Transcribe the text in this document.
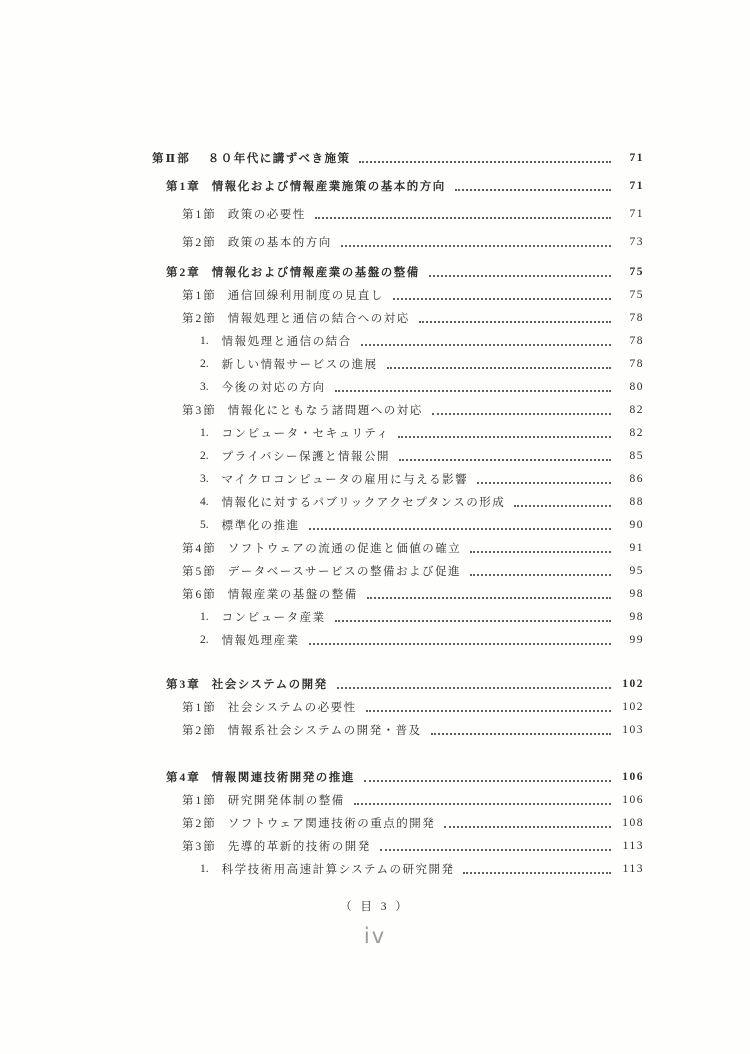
第Ⅱ部 ８０年代に講ずべき施策	71
第1章 情報化および情報産業施策の基本的方向	71
第1節 政策の必要性	71
第2節 政策の基本的方向	73
第2章 情報化および情報産業の基盤の整備	75
第1節 通信回線利用制度の見直し	75
第2節 情報処理と通信の結合への対応	78
1. 情報処理と通信の結合	78
2. 新しい情報サービスの進展	78
3. 今後の対応の方向	80
第3節 情報化にともなう諸問題への対応	82
1. コンピュータ・セキュリティ	82
2. プライバシー保護と情報公開	85
3. マイクロコンピュータの雇用に与える影響	86
4. 情報化に対するパブリックアクセプタンスの形成	88
5. 標準化の推進	90
第4節 ソフトウェアの流通の促進と価値の確立	91
第5節 データベースサービスの整備および促進	95
第6節 情報産業の基盤の整備	98
1. コンピュータ産業	98
2. 情報処理産業	99
第3章 社会システムの開発	102
第1節 社会システムの必要性	102
第2節 情報系社会システムの開発・普及	103
第4章 情報関連技術開発の推進	106
第1節 研究開発体制の整備	106
第2節 ソフトウェア関連技術の重点的開発	108
第3節 先導的革新的技術の開発	113
1. 科学技術用高速計算システムの研究開発	113
（ 目 3 ）
iv
